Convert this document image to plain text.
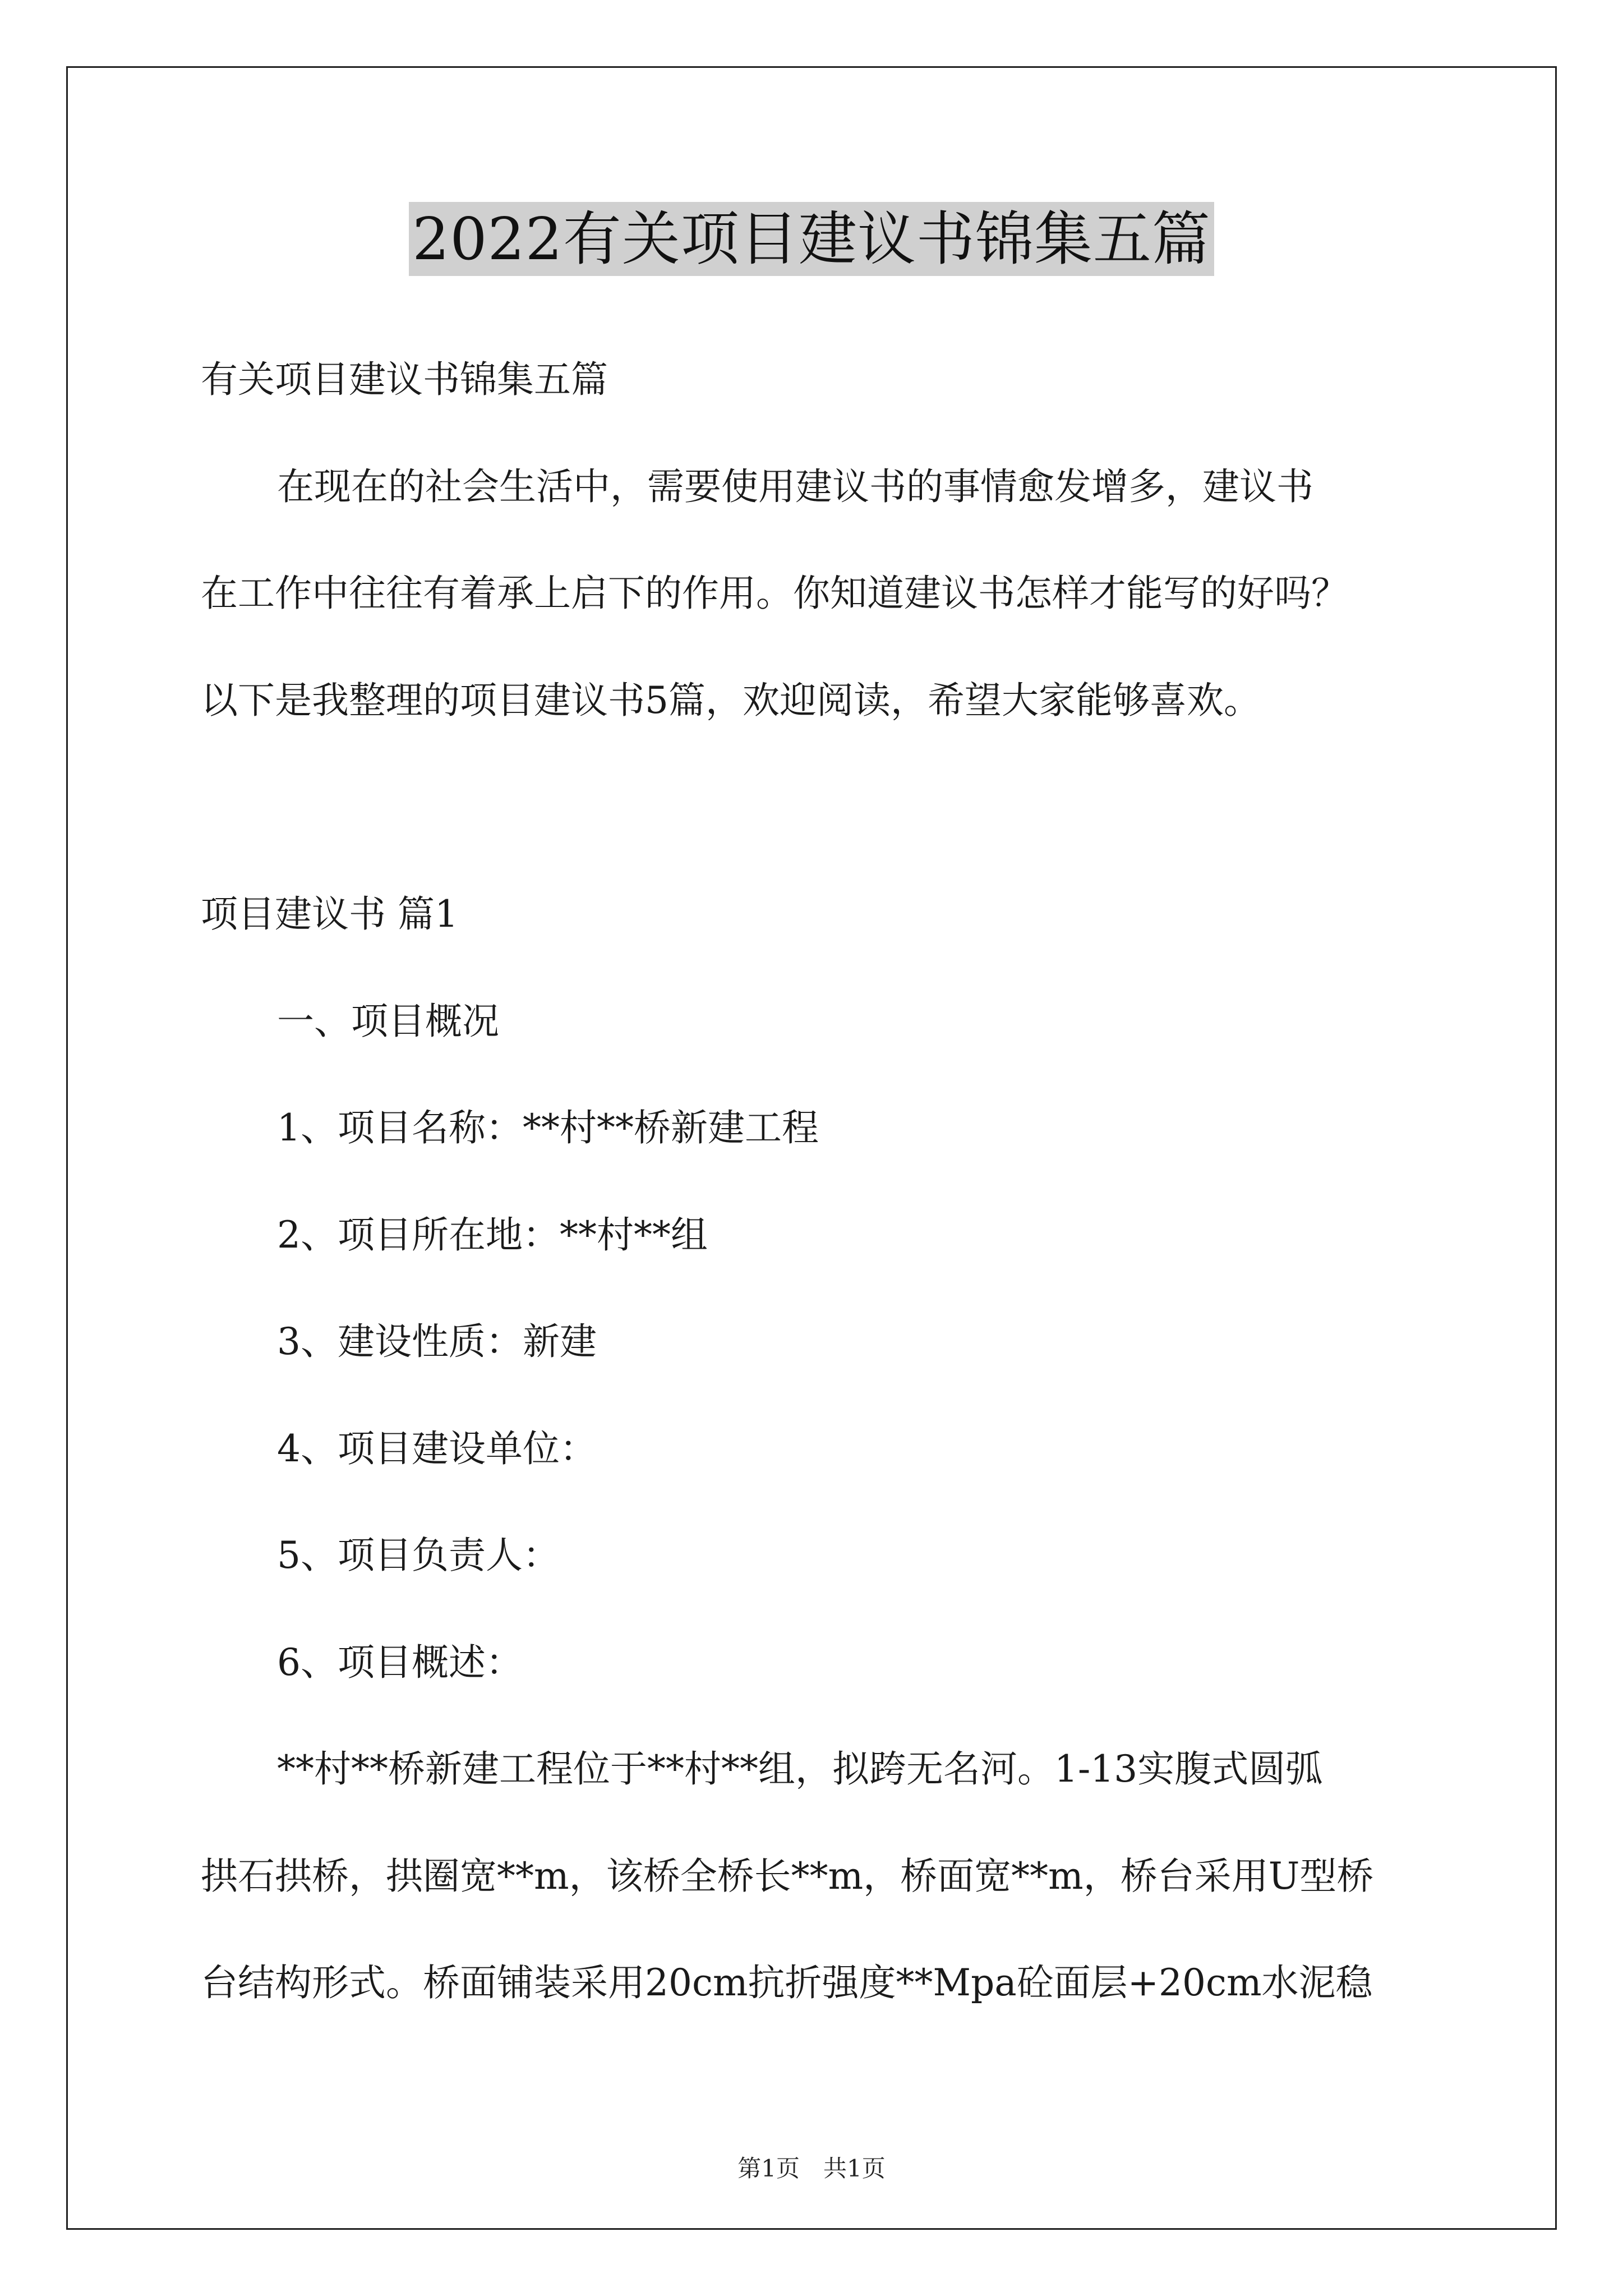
2022有关项目建议书锦集五篇
有关项目建议书锦集五篇
在现在的社会生活中，需要使用建议书的事情愈发增多，建议书
在工作中往往有着承上启下的作用。你知道建议书怎样才能写的好吗？
以下是我整理的项目建议书5篇，欢迎阅读，希望大家能够喜欢。
项目建议书 篇1
一、项目概况
1、项目名称：**村**桥新建工程
2、项目所在地：**村**组
3、建设性质：新建
4、项目建设单位：
5、项目负责人：
6、项目概述：
**村**桥新建工程位于**村**组，拟跨无名河。1-13实腹式圆弧
拱石拱桥，拱圈宽**m，该桥全桥长**m，桥面宽**m，桥台采用U型桥
台结构形式。桥面铺装采用20cm抗折强度**Mpa砼面层+20cm水泥稳
第1页　共1页
